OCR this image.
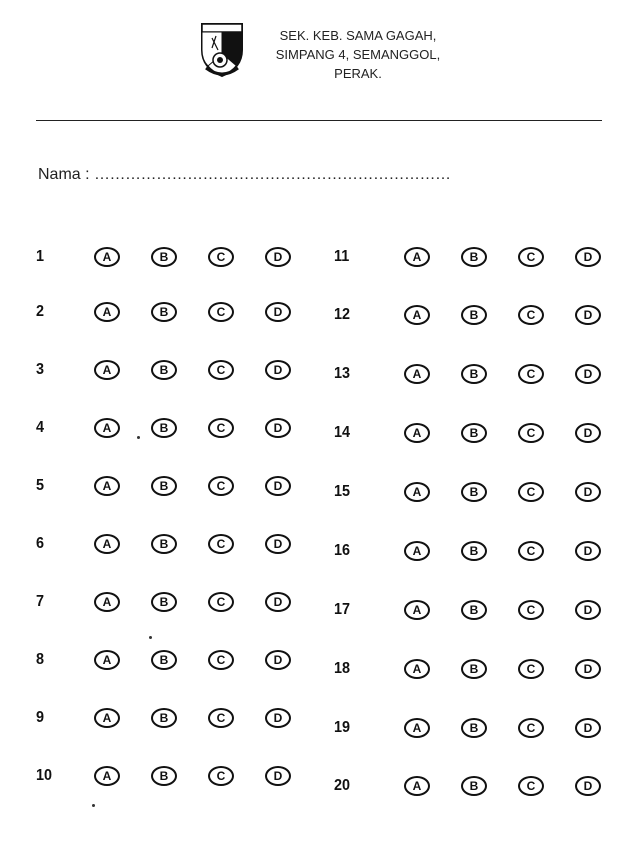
SEK. KEB. SAMA GAGAH,
SIMPANG 4, SEMANGGOL,
PERAK.
Nama : ……………………………………………………………
1	A	B	C	D
2	A	B	C	D
3	A	B	C	D
4	A	B	C	D
5	A	B	C	D
6	A	B	C	D
7	A	B	C	D
8	A	B	C	D
9	A	B	C	D
10	A	B	C	D
11	A	B	C	D
12	A	B	C	D
13	A	B	C	D
14	A	B	C	D
15	A	B	C	D
16	A	B	C	D
17	A	B	C	D
18	A	B	C	D
19	A	B	C	D
20	A	B	C	D
